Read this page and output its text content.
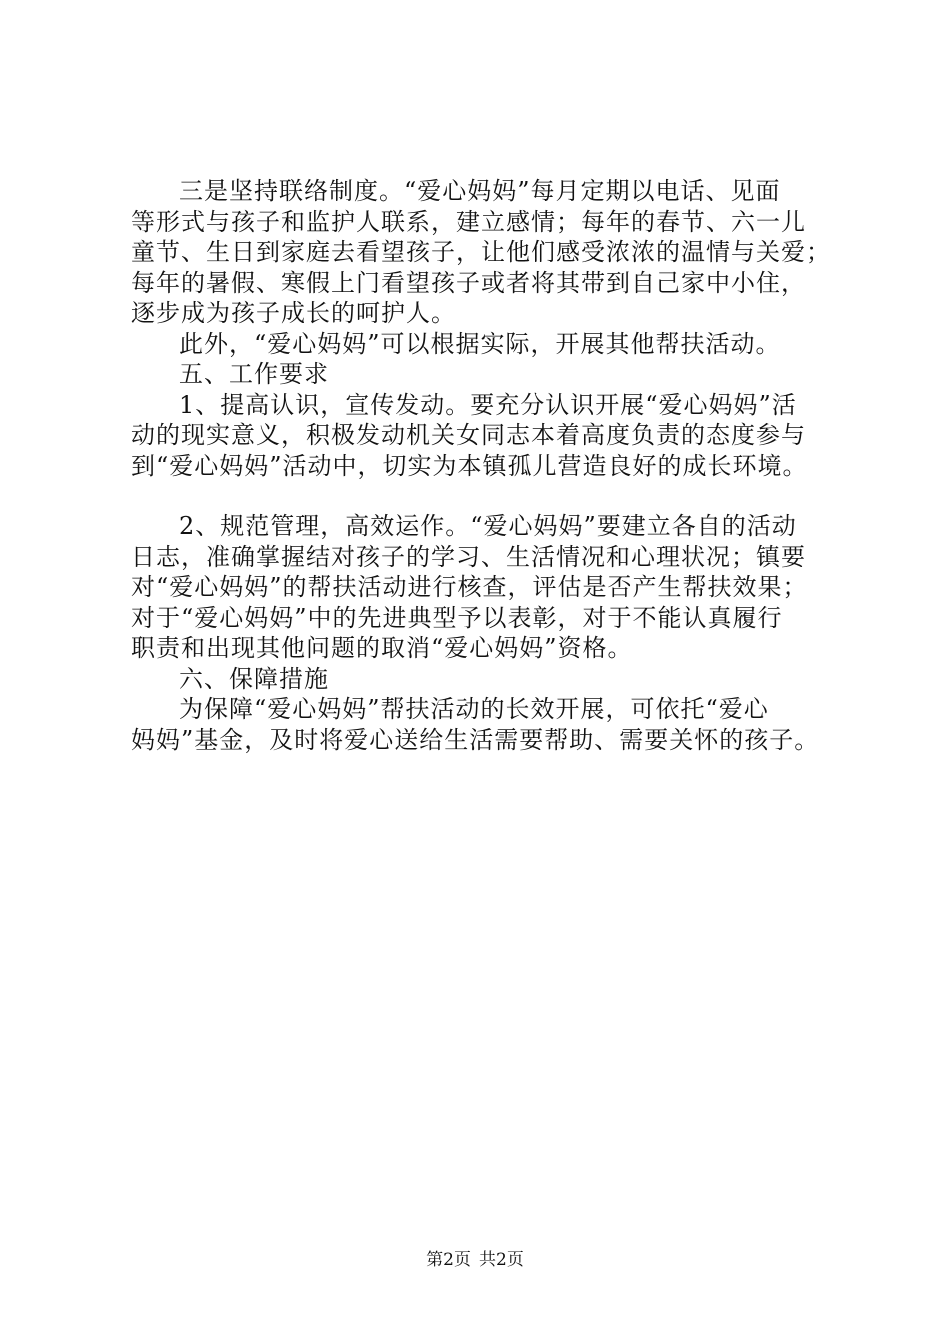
三是坚持联络制度。“爱心妈妈”每月定期以电话、见面
等形式与孩子和监护人联系，建立感情；每年的春节、六一儿
童节、生日到家庭去看望孩子，让他们感受浓浓的温情与关爱；
每年的暑假、寒假上门看望孩子或者将其带到自己家中小住，
逐步成为孩子成长的呵护人。
此外，“爱心妈妈”可以根据实际，开展其他帮扶活动。
五、工作要求
1、提高认识，宣传发动。要充分认识开展“爱心妈妈”活
动的现实意义，积极发动机关女同志本着高度负责的态度参与
到“爱心妈妈”活动中，切实为本镇孤儿营造良好的成长环境。
2、规范管理，高效运作。“爱心妈妈”要建立各自的活动
日志，准确掌握结对孩子的学习、生活情况和心理状况；镇要
对“爱心妈妈”的帮扶活动进行核查，评估是否产生帮扶效果；
对于“爱心妈妈”中的先进典型予以表彰，对于不能认真履行
职责和出现其他问题的取消“爱心妈妈”资格。
六、保障措施
为保障“爱心妈妈”帮扶活动的长效开展，可依托“爱心
妈妈”基金，及时将爱心送给生活需要帮助、需要关怀的孩子。
第2页 共2页
